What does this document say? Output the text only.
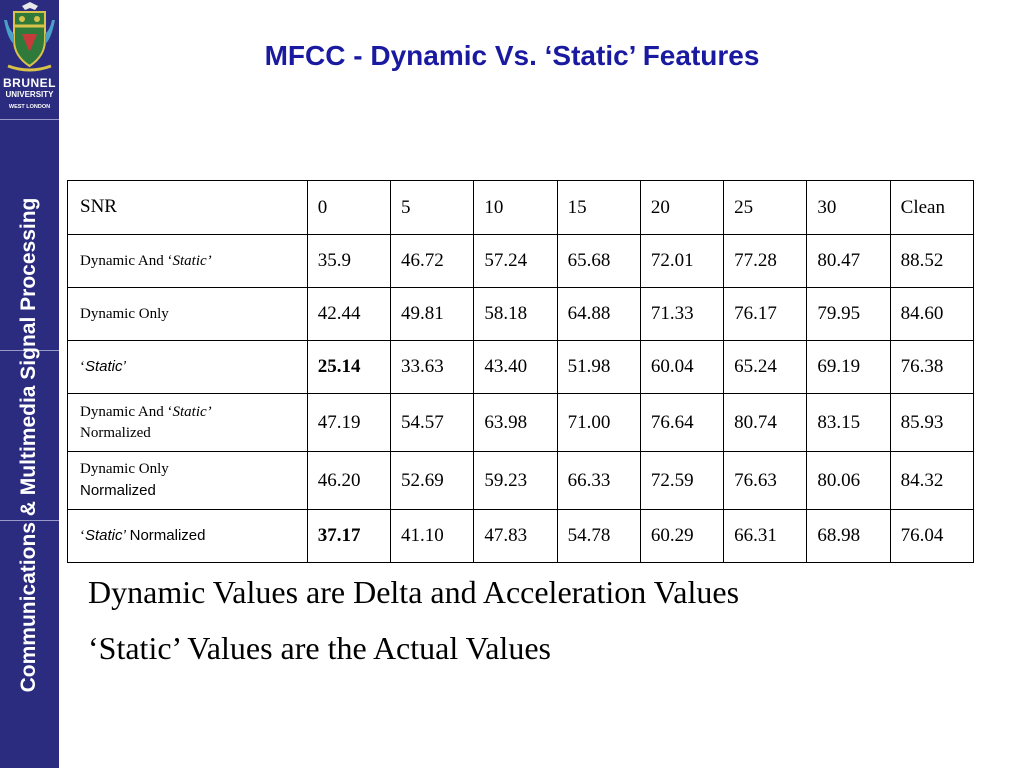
BRUNEL
UNIVERSITY
WEST LONDON
Communications & Multimedia Signal Processing
MFCC - Dynamic Vs. ‘Static’ Features
SNR	0	5	10	15	20	25	30	Clean
Dynamic And ‘Static’	35.9	46.72	57.24	65.68	72.01	77.28	80.47	88.52
Dynamic Only	42.44	49.81	58.18	64.88	71.33	76.17	79.95	84.60
‘Static’	25.14	33.63	43.40	51.98	60.04	65.24	69.19	76.38
Dynamic And ‘Static’
Normalized	47.19	54.57	63.98	71.00	76.64	80.74	83.15	85.93
Dynamic Only
Normalized	46.20	52.69	59.23	66.33	72.59	76.63	80.06	84.32
‘Static’ Normalized	37.17	41.10	47.83	54.78	60.29	66.31	68.98	76.04
Dynamic Values are Delta and Acceleration Values
‘Static’ Values are the Actual Values
